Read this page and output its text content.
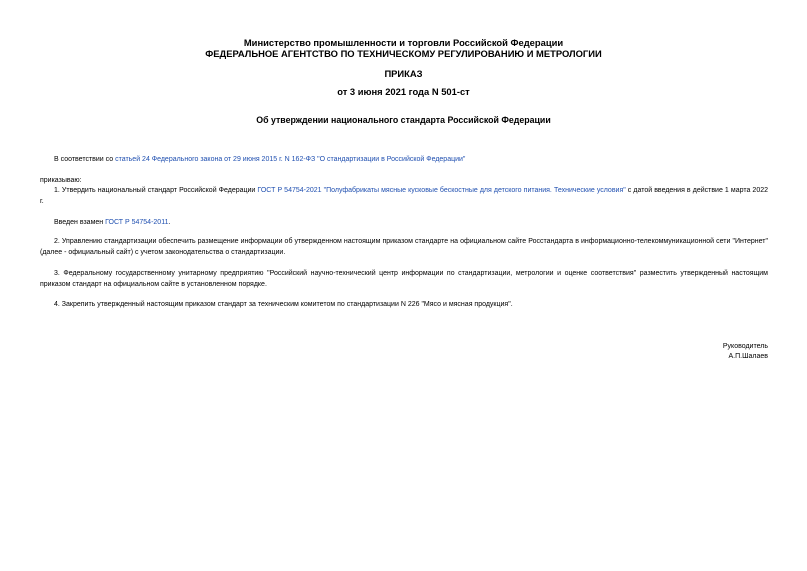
Министерство промышленности и торговли Российской Федерации
ФЕДЕРАЛЬНОЕ АГЕНТСТВО ПО ТЕХНИЧЕСКОМУ РЕГУЛИРОВАНИЮ И МЕТРОЛОГИИ
ПРИКАЗ
от 3 июня 2021 года N 501-ст
Об утверждении национального стандарта Российской Федерации
В соответствии со статьей 24 Федерального закона от 29 июня 2015 г. N 162-ФЗ "О стандартизации в Российской Федерации"
приказываю:
1. Утвердить национальный стандарт Российской Федерации ГОСТ Р 54754-2021 "Полуфабрикаты мясные кусковые бескостные для детского питания. Технические условия" с датой введения в действие 1 марта 2022 г.
Введен взамен ГОСТ Р 54754-2011.
2. Управлению стандартизации обеспечить размещение информации об утвержденном настоящим приказом стандарте на официальном сайте Росстандарта в информационно-телекоммуникационной сети "Интернет" (далее - официальный сайт) с учетом законодательства о стандартизации.
3. Федеральному государственному унитарному предприятию "Российский научно-технический центр информации по стандартизации, метрологии и оценке соответствия" разместить утвержденный настоящим приказом стандарт на официальном сайте в установленном порядке.
4. Закрепить утвержденный настоящим приказом стандарт за техническим комитетом по стандартизации N 226 "Мясо и мясная продукция".
Руководитель
А.П.Шалаев
